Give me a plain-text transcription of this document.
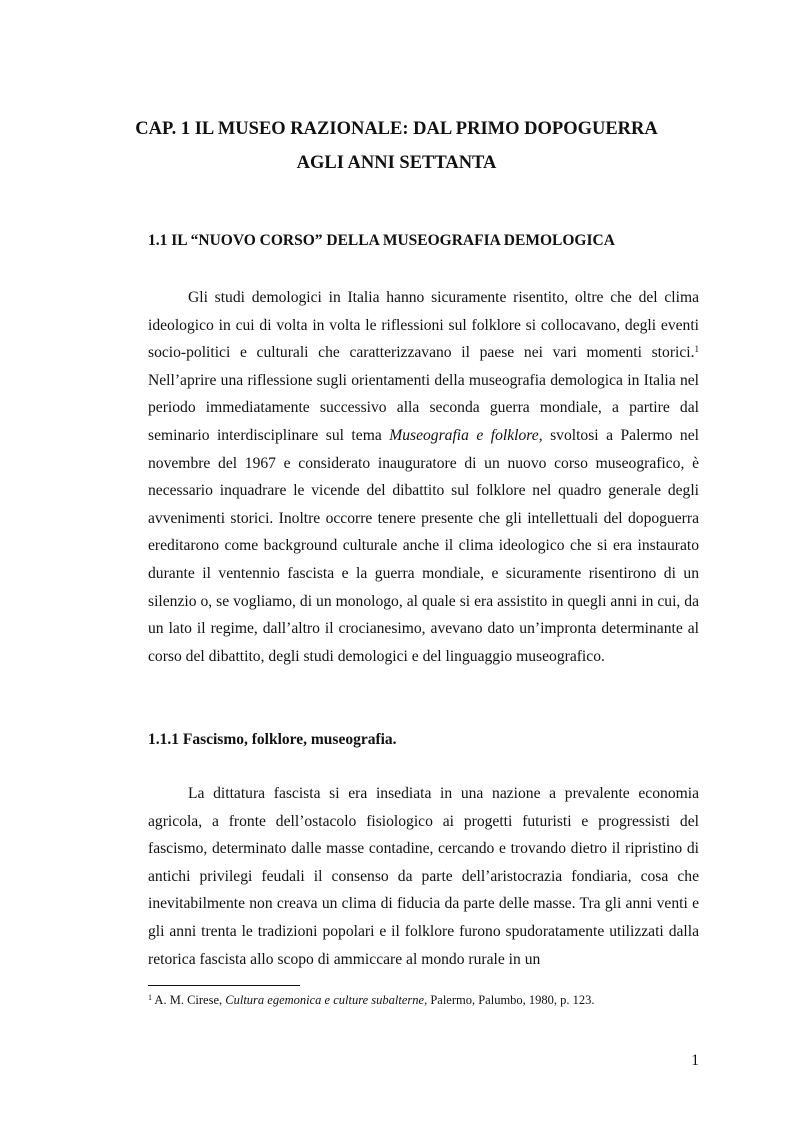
CAP. 1 IL MUSEO RAZIONALE: DAL PRIMO DOPOGUERRA
AGLI ANNI SETTANTA
1.1 IL “NUOVO CORSO” DELLA MUSEOGRAFIA DEMOLOGICA

Gli studi demologici in Italia hanno sicuramente risentito, oltre che del clima ideologico in cui di volta in volta le riflessioni sul folklore si collocavano, degli eventi socio-politici e culturali che caratterizzavano il paese nei vari momenti storici.$^1$ Nell’aprire una riflessione sugli orientamenti della museografia demologica in Italia nel periodo immediatamente successivo alla seconda guerra mondiale, a partire dal seminario interdisciplinare sul tema Museografia e folklore, svoltosi a Palermo nel novembre del 1967 e considerato inauguratore di un nuovo corso museografico, è necessario inquadrare le vicende del dibattito sul folklore nel quadro generale degli avvenimenti storici. Inoltre occorre tenere presente che gli intellettuali del dopoguerra ereditarono come background culturale anche il clima ideologico che si era instaurato durante il ventennio fascista e la guerra mondiale, e sicuramente risentirono di un silenzio o, se vogliamo, di un monologo, al quale si era assistito in quegli anni in cui, da un lato il regime, dall’altro il crocianesimo, avevano dato un’impronta determinante al corso del dibattito, degli studi demologici e del linguaggio museografico.

1.1.1 Fascismo, folklore, museografia.

La dittatura fascista si era insediata in una nazione a prevalente economia agricola, a fronte dell’ostacolo fisiologico ai progetti futuristi e progressisti del fascismo, determinato dalle masse contadine, cercando e trovando dietro il ripristino di antichi privilegi feudali il consenso da parte dell’aristocrazia fondiaria, cosa che inevitabilmente non creava un clima di fiducia da parte delle masse. Tra gli anni venti e gli anni trenta le tradizioni popolari e il folklore furono spudoratamente utilizzati dalla retorica fascista allo scopo di ammiccare al mondo rurale in un

$^1$ A. M. Cirese, Cultura egemonica e culture subalterne, Palermo, Palumbo, 1980, p. 123.

1
